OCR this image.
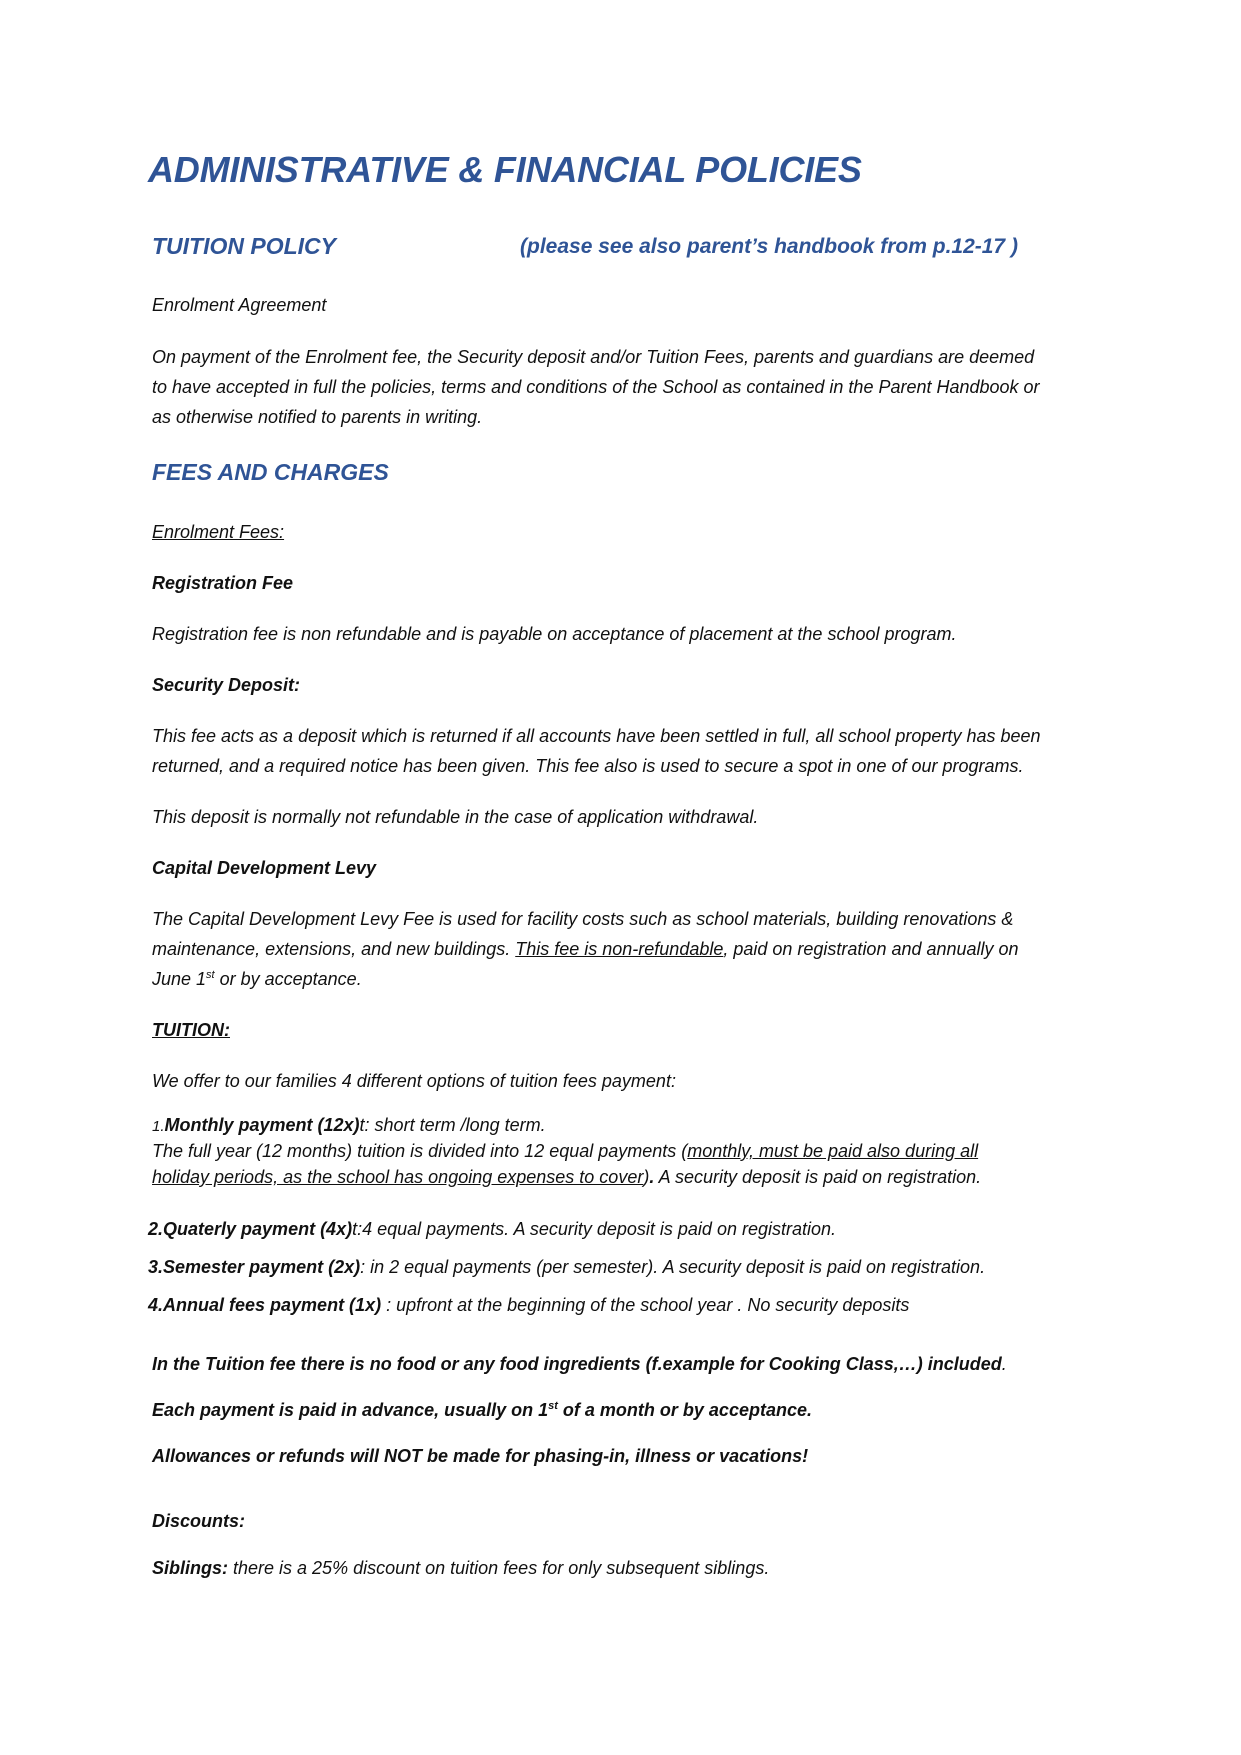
ADMINISTRATIVE & FINANCIAL POLICIES
TUITION POLICY	(please see also parent’s handbook from p.12-17 )
Enrolment Agreement
On payment of the Enrolment fee, the Security deposit and/or Tuition Fees, parents and guardians are deemed
to have accepted in full the policies, terms and conditions of the School as contained in the Parent Handbook or
as otherwise notified to parents in writing.
FEES AND CHARGES
Enrolment Fees:
Registration Fee
Registration fee is non refundable and is payable on acceptance of placement at the school program.
Security Deposit:
This fee acts as a deposit which is returned if all accounts have been settled in full, all school property has been
returned, and a required notice has been given. This fee also is used to secure a spot in one of our programs.
This deposit is normally not refundable in the case of application withdrawal.
Capital Development Levy
The Capital Development Levy Fee is used for facility costs such as school materials, building renovations &
maintenance, extensions, and new buildings. This fee is non-refundable, paid on registration and annually on
June 1st or by acceptance.
TUITION:
We offer to our families 4 different options of tuition fees payment:
1.Monthly payment (12x)t: short term /long term.
The full year (12 months) tuition is divided into 12 equal payments (monthly, must be paid also during all
holiday periods, as the school has ongoing expenses to cover). A security deposit is paid on registration.
2.Quaterly payment (4x)t:4 equal payments. A security deposit is paid on registration.
3.Semester payment (2x): in 2 equal payments (per semester). A security deposit is paid on registration.
4.Annual fees payment (1x) : upfront at the beginning of the school year . No security deposits
In the Tuition fee there is no food or any food ingredients (f.example for Cooking Class,…) included.
Each payment is paid in advance, usually on 1st of a month or by acceptance.
Allowances or refunds will NOT be made for phasing-in, illness or vacations!
Discounts:
Siblings: there is a 25% discount on tuition fees for only subsequent siblings.
